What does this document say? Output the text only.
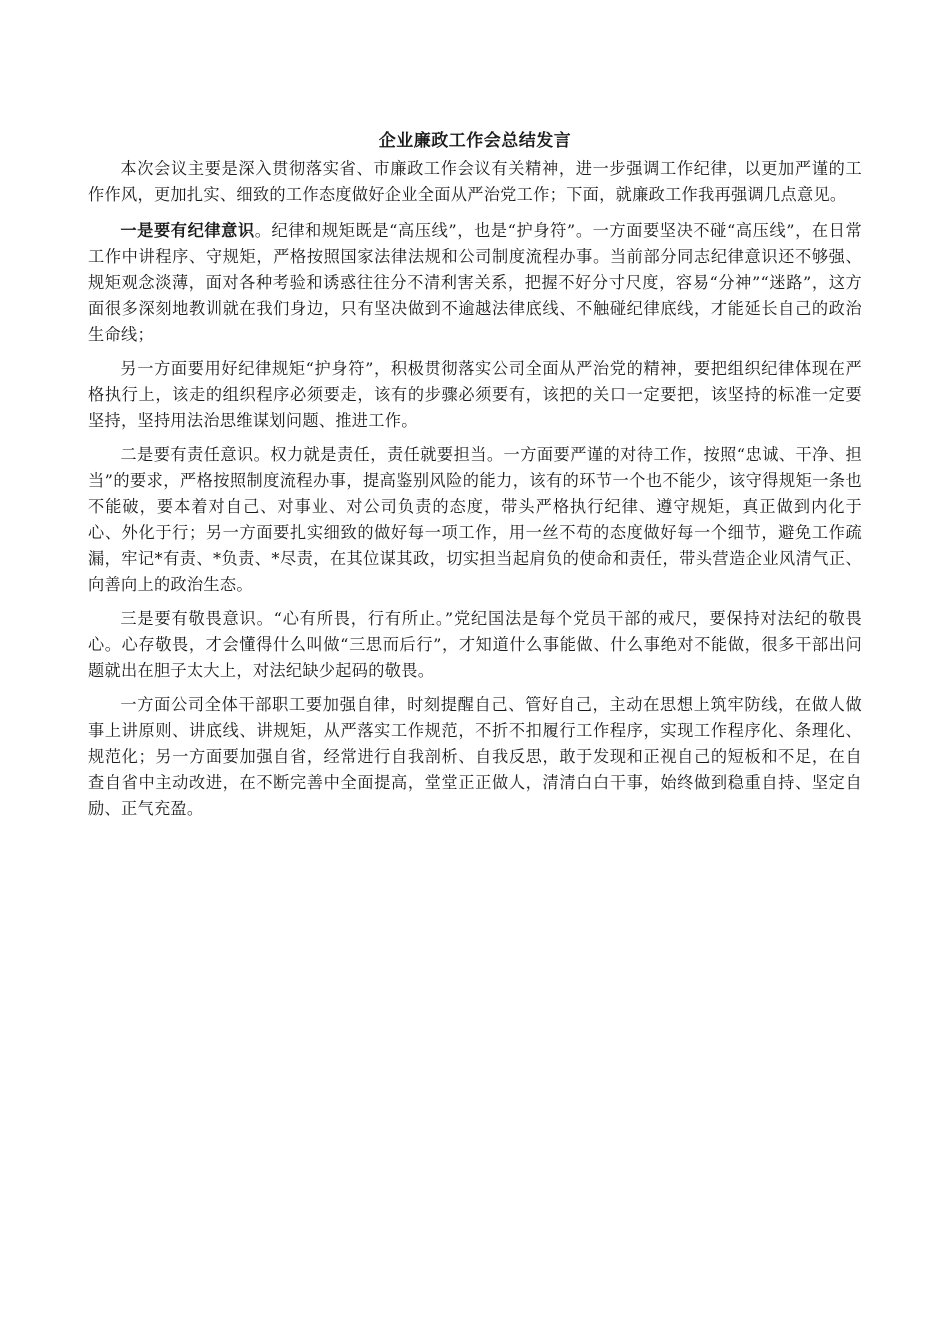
企业廉政工作会总结发言

本次会议主要是深入贯彻落实省、市廉政工作会议有关精神，进一步强调工作纪律，以更加严谨的工作作风，更加扎实、细致的工作态度做好企业全面从严治党工作；下面，就廉政工作我再强调几点意见。

一是要有纪律意识。纪律和规矩既是“高压线”，也是“护身符”。一方面要坚决不碰“高压线”，在日常工作中讲程序、守规矩，严格按照国家法律法规和公司制度流程办事。当前部分同志纪律意识还不够强、规矩观念淡薄，面对各种考验和诱惑往往分不清利害关系，把握不好分寸尺度，容易“分神”“迷路”，这方面很多深刻地教训就在我们身边，只有坚决做到不逾越法律底线、不触碰纪律底线，才能延长自己的政治生命线；

另一方面要用好纪律规矩“护身符”，积极贯彻落实公司全面从严治党的精神，要把组织纪律体现在严格执行上，该走的组织程序必须要走，该有的步骤必须要有，该把的关口一定要把，该坚持的标准一定要坚持，坚持用法治思维谋划问题、推进工作。

二是要有责任意识。权力就是责任，责任就要担当。一方面要严谨的对待工作，按照“忠诚、干净、担当”的要求，严格按照制度流程办事，提高鉴别风险的能力，该有的环节一个也不能少，该守得规矩一条也不能破，要本着对自己、对事业、对公司负责的态度，带头严格执行纪律、遵守规矩，真正做到内化于心、外化于行；另一方面要扎实细致的做好每一项工作，用一丝不苟的态度做好每一个细节，避免工作疏漏，牢记*有责、*负责、*尽责，在其位谋其政，切实担当起肩负的使命和责任，带头营造企业风清气正、向善向上的政治生态。

三是要有敬畏意识。“心有所畏，行有所止。”党纪国法是每个党员干部的戒尺，要保持对法纪的敬畏心。心存敬畏，才会懂得什么叫做“三思而后行”，才知道什么事能做、什么事绝对不能做，很多干部出问题就出在胆子太大上，对法纪缺少起码的敬畏。

一方面公司全体干部职工要加强自律，时刻提醒自己、管好自己，主动在思想上筑牢防线，在做人做事上讲原则、讲底线、讲规矩，从严落实工作规范，不折不扣履行工作程序，实现工作程序化、条理化、规范化；另一方面要加强自省，经常进行自我剖析、自我反思，敢于发现和正视自己的短板和不足，在自查自省中主动改进，在不断完善中全面提高，堂堂正正做人，清清白白干事，始终做到稳重自持、坚定自励、正气充盈。
